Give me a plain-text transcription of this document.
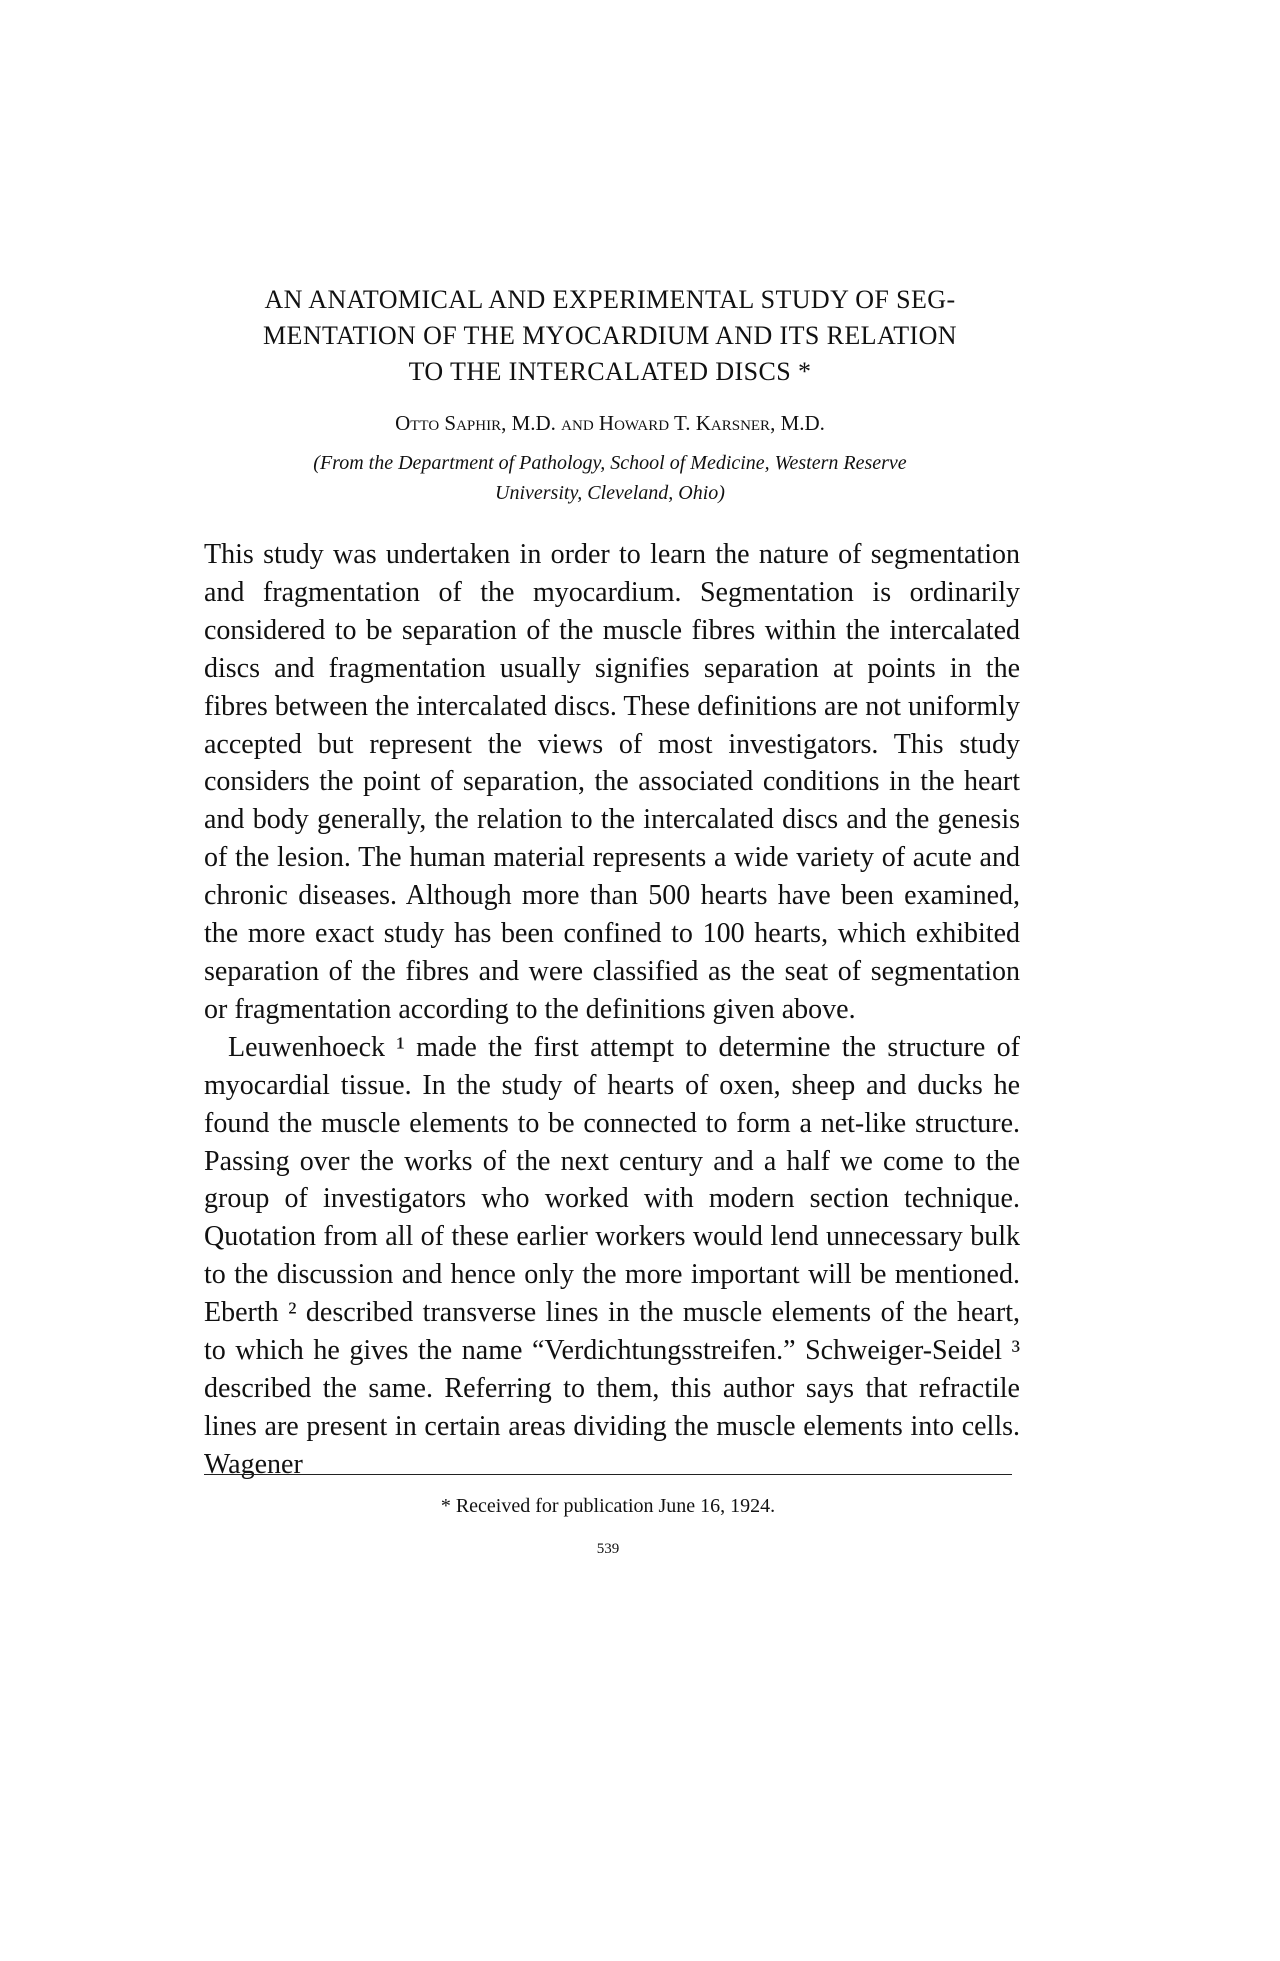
AN ANATOMICAL AND EXPERIMENTAL STUDY OF SEG-
MENTATION OF THE MYOCARDIUM AND ITS RELATION
TO THE INTERCALATED DISCS *
Otto Saphir, M.D. and Howard T. Karsner, M.D.
(From the Department of Pathology, School of Medicine, Western Reserve
University, Cleveland, Ohio)

This study was undertaken in order to learn the nature of segmentation and fragmentation of the myocardium. Segmentation is ordinarily considered to be separation of the muscle fibres within the intercalated discs and fragmentation usually signifies separation at points in the fibres between the intercalated discs. These definitions are not uniformly accepted but represent the views of most investigators. This study considers the point of separation, the associated conditions in the heart and body generally, the relation to the intercalated discs and the genesis of the lesion. The human material represents a wide variety of acute and chronic diseases. Although more than 500 hearts have been examined, the more exact study has been confined to 100 hearts, which exhibited separation of the fibres and were classified as the seat of segmentation or fragmentation according to the definitions given above.

Leuwenhoeck ¹ made the first attempt to determine the structure of myocardial tissue. In the study of hearts of oxen, sheep and ducks he found the muscle elements to be connected to form a net-like structure. Passing over the works of the next century and a half we come to the group of investigators who worked with modern section technique. Quotation from all of these earlier workers would lend unnecessary bulk to the discussion and hence only the more important will be mentioned. Eberth ² described transverse lines in the muscle elements of the heart, to which he gives the name “Verdichtungsstreifen.” Schweiger-Seidel ³ described the same. Referring to them, this author says that refractile lines are present in certain areas dividing the muscle elements into cells. Wagener

* Received for publication June 16, 1924.
539
